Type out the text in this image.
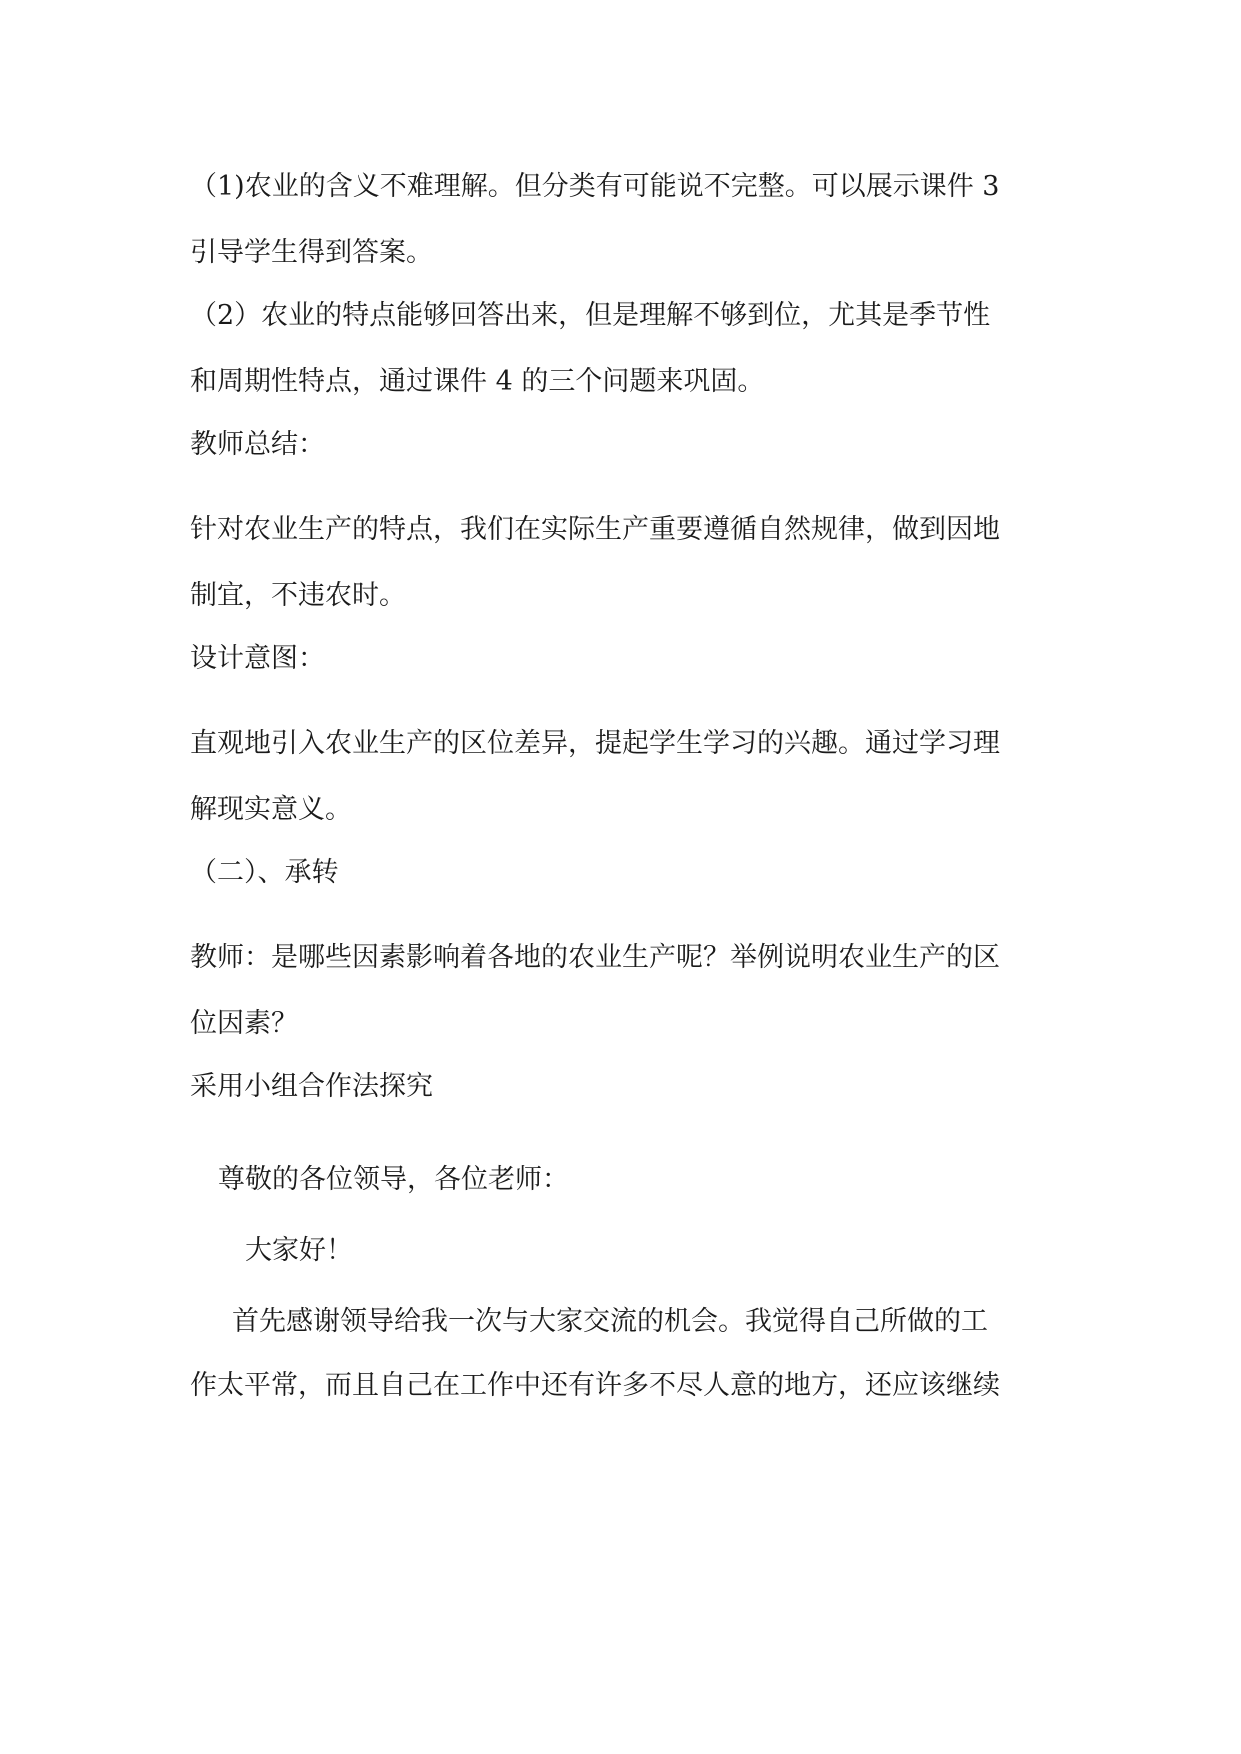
（1)农业的含义不难理解。但分类有可能说不完整。可以展示课件 3
引导学生得到答案。
（2）农业的特点能够回答出来，但是理解不够到位，尤其是季节性
和周期性特点，通过课件 4 的三个问题来巩固。
教师总结：
针对农业生产的特点，我们在实际生产重要遵循自然规律，做到因地
制宜，不违农时。
设计意图：
直观地引入农业生产的区位差异，提起学生学习的兴趣。通过学习理
解现实意义。
（二）、承转
教师：是哪些因素影响着各地的农业生产呢？举例说明农业生产的区
位因素？
采用小组合作法探究
尊敬的各位领导，各位老师：
大家好！
首先感谢领导给我一次与大家交流的机会。我觉得自己所做的工
作太平常，而且自己在工作中还有许多不尽人意的地方，还应该继续
